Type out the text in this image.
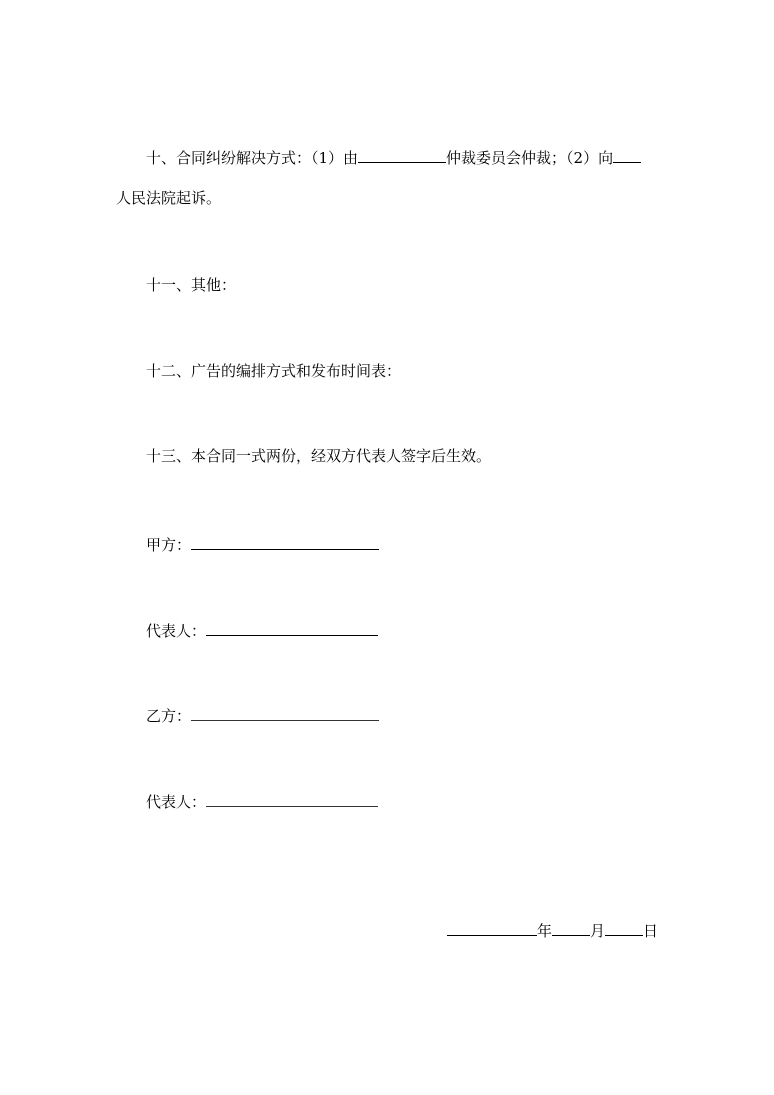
十、合同纠纷解决方式：（1）由	仲裁委员会仲裁；（2）向
人民法院起诉。
十一、其他：
十二、广告的编排方式和发布时间表：
十三、本合同一式两份，经双方代表人签字后生效。
甲方：
代表人：
乙方：
代表人：
年	月	日
